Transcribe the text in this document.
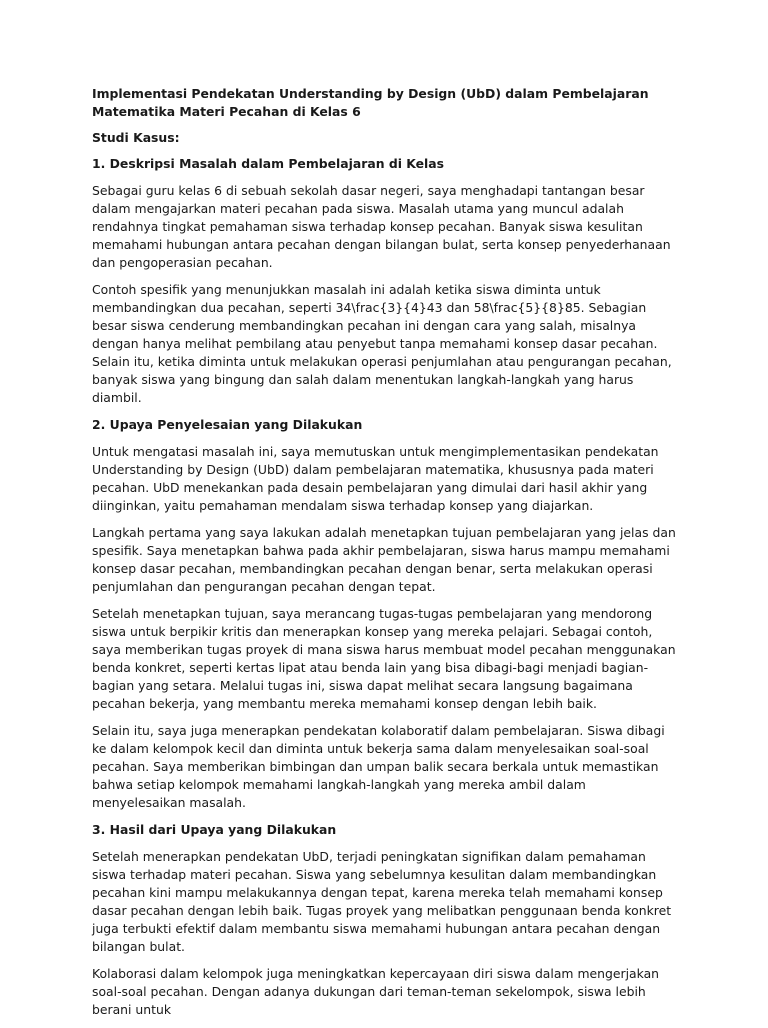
Implementasi Pendekatan Understanding by Design (UbD) dalam Pembelajaran Matematika Materi Pecahan di Kelas 6

Studi Kasus:

1. Deskripsi Masalah dalam Pembelajaran di Kelas

Sebagai guru kelas 6 di sebuah sekolah dasar negeri, saya menghadapi tantangan besar dalam mengajarkan materi pecahan pada siswa. Masalah utama yang muncul adalah rendahnya tingkat pemahaman siswa terhadap konsep pecahan. Banyak siswa kesulitan memahami hubungan antara pecahan dengan bilangan bulat, serta konsep penyederhanaan dan pengoperasian pecahan.

Contoh spesifik yang menunjukkan masalah ini adalah ketika siswa diminta untuk membandingkan dua pecahan, seperti 34\frac{3}{4}43 dan 58\frac{5}{8}85. Sebagian besar siswa cenderung membandingkan pecahan ini dengan cara yang salah, misalnya dengan hanya melihat pembilang atau penyebut tanpa memahami konsep dasar pecahan. Selain itu, ketika diminta untuk melakukan operasi penjumlahan atau pengurangan pecahan, banyak siswa yang bingung dan salah dalam menentukan langkah-langkah yang harus diambil.

2. Upaya Penyelesaian yang Dilakukan

Untuk mengatasi masalah ini, saya memutuskan untuk mengimplementasikan pendekatan Understanding by Design (UbD) dalam pembelajaran matematika, khususnya pada materi pecahan. UbD menekankan pada desain pembelajaran yang dimulai dari hasil akhir yang diinginkan, yaitu pemahaman mendalam siswa terhadap konsep yang diajarkan.

Langkah pertama yang saya lakukan adalah menetapkan tujuan pembelajaran yang jelas dan spesifik. Saya menetapkan bahwa pada akhir pembelajaran, siswa harus mampu memahami konsep dasar pecahan, membandingkan pecahan dengan benar, serta melakukan operasi penjumlahan dan pengurangan pecahan dengan tepat.

Setelah menetapkan tujuan, saya merancang tugas-tugas pembelajaran yang mendorong siswa untuk berpikir kritis dan menerapkan konsep yang mereka pelajari. Sebagai contoh, saya memberikan tugas proyek di mana siswa harus membuat model pecahan menggunakan benda konkret, seperti kertas lipat atau benda lain yang bisa dibagi-bagi menjadi bagian-bagian yang setara. Melalui tugas ini, siswa dapat melihat secara langsung bagaimana pecahan bekerja, yang membantu mereka memahami konsep dengan lebih baik.

Selain itu, saya juga menerapkan pendekatan kolaboratif dalam pembelajaran. Siswa dibagi ke dalam kelompok kecil dan diminta untuk bekerja sama dalam menyelesaikan soal-soal pecahan. Saya memberikan bimbingan dan umpan balik secara berkala untuk memastikan bahwa setiap kelompok memahami langkah-langkah yang mereka ambil dalam menyelesaikan masalah.

3. Hasil dari Upaya yang Dilakukan

Setelah menerapkan pendekatan UbD, terjadi peningkatan signifikan dalam pemahaman siswa terhadap materi pecahan. Siswa yang sebelumnya kesulitan dalam membandingkan pecahan kini mampu melakukannya dengan tepat, karena mereka telah memahami konsep dasar pecahan dengan lebih baik. Tugas proyek yang melibatkan penggunaan benda konkret juga terbukti efektif dalam membantu siswa memahami hubungan antara pecahan dengan bilangan bulat.

Kolaborasi dalam kelompok juga meningkatkan kepercayaan diri siswa dalam mengerjakan soal-soal pecahan. Dengan adanya dukungan dari teman-teman sekelompok, siswa lebih berani untuk
